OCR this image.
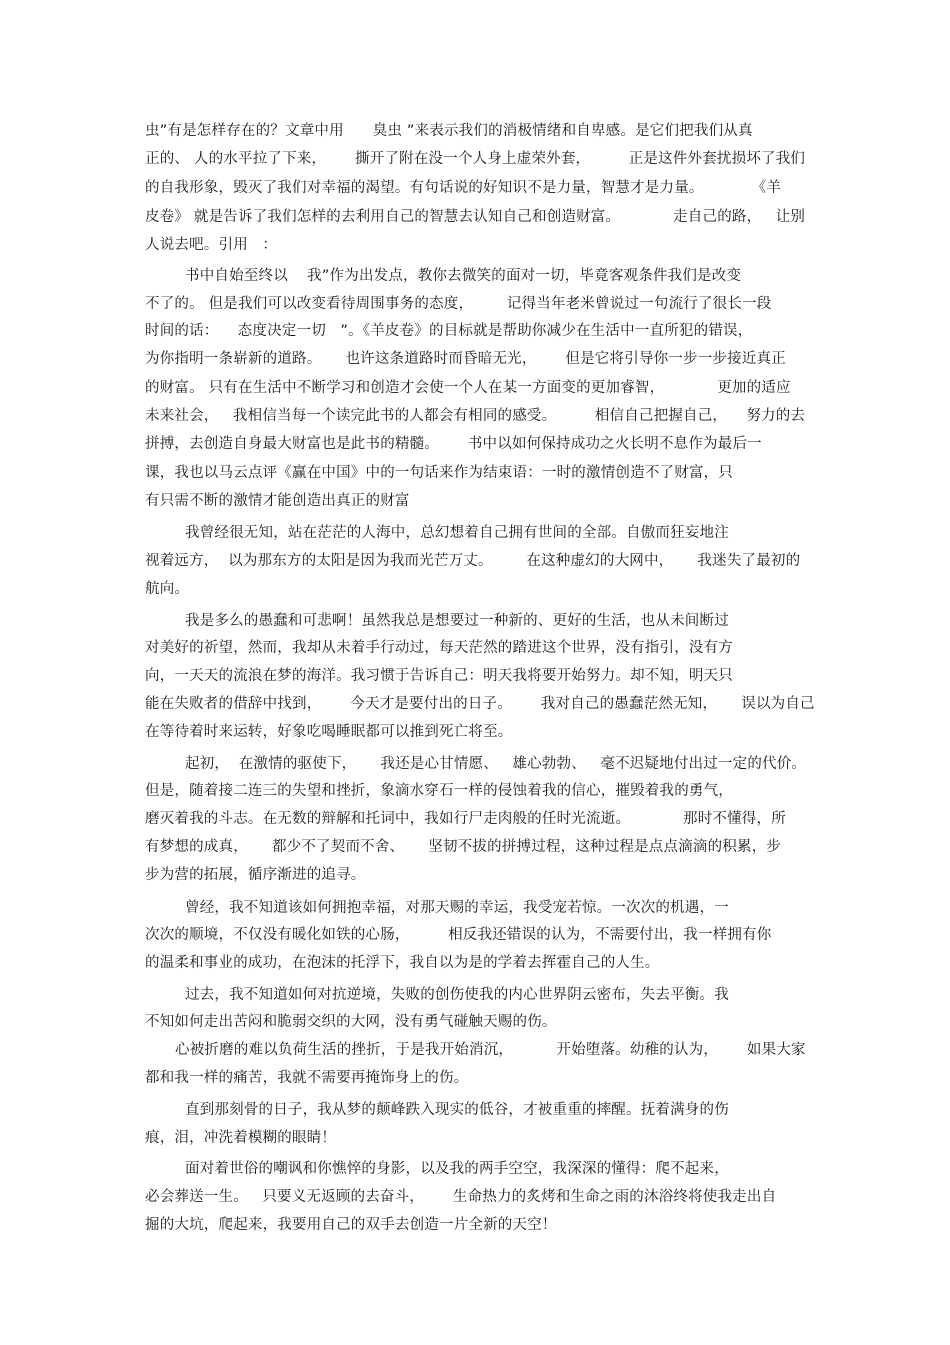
虫”有是怎样存在的？文章中用      臭虫 ”来表示我们的消极情绪和自卑感。是它们把我们从真
正的、 人的水平拉了下来，      撕开了附在没一个人身上虚荣外套，        正是这件外套扰损坏了我们
的自我形象，毁灭了我们对幸福的渴望。有句话说的好知识不是力量，智慧才是力量。          《羊
皮卷》 就是告诉了我们怎样的去利用自己的智慧去认知自己和创造财富。           走自己的路，   让别
人说去吧。引用   ：
书中自始至终以    我”作为出发点，教你去微笑的面对一切，毕竟客观条件我们是改变
不了的。 但是我们可以改变看待周围事务的态度，       记得当年老米曾说过一句流行了很长一段
时间的话：    态度决定一切   ”。《羊皮卷》的目标就是帮助你减少在生活中一直所犯的错误，
为你指明一条崭新的道路。     也许这条道路时而昏暗无光，      但是它将引导你一步一步接近真正
的财富。 只有在生活中不断学习和创造才会使一个人在某一方面变的更加睿智，           更加的适应
未来社会，   我相信当每一个读完此书的人都会有相同的感受。        相信自己把握自己，    努力的去
拼搏，去创造自身最大财富也是此书的精髓。      书中以如何保持成功之火长明不息作为最后一
课，我也以马云点评《赢在中国》中的一句话来作为结束语：一时的激情创造不了财富，只
有只需不断的激情才能创造出真正的财富
我曾经很无知，站在茫茫的人海中，总幻想着自己拥有世间的全部。自傲而狂妄地注
视着远方，  以为那东方的太阳是因为我而光芒万丈。       在这种虚幻的大网中，     我迷失了最初的
航向。
我是多么的愚蠢和可悲啊！虽然我总是想要过一种新的、更好的生活，也从未间断过
对美好的祈望，然而，我却从未着手行动过，每天茫然的踏进这个世界，没有指引，没有方
向，一天天的流浪在梦的海洋。我习惯于告诉自己：明天我将要开始努力。却不知，明天只
能在失败者的借辞中找到，      今天才是要付出的日子。      我对自己的愚蠢茫然无知，     误以为自己
在等待着时来运转，好象吃喝睡眠都可以推到死亡将至。
起初，  在激情的驱使下，     我还是心甘情愿、   雄心勃勃、   毫不迟疑地付出过一定的代价。
但是，随着接二连三的失望和挫折，象滴水穿石一样的侵蚀着我的信心，摧毁着我的勇气，
磨灭着我的斗志。在无数的辩解和托词中，我如行尸走肉般的任时光流逝。           那时不懂得，所
有梦想的成真，     都少不了契而不舍、     坚韧不拔的拼搏过程，这种过程是点点滴滴的积累，步
步为营的拓展，循序渐进的追寻。
曾经，我不知道该如何拥抱幸福，对那天赐的幸运，我受宠若惊。一次次的机遇，一
次次的顺境，不仅没有暖化如铁的心肠，        相反我还错误的认为，不需要付出，我一样拥有你
的温柔和事业的成功，在泡沫的托浮下，我自以为是的学着去挥霍自己的人生。
过去，我不知道如何对抗逆境，失败的创伤使我的内心世界阴云密布，失去平衡。我
不知如何走出苦闷和脆弱交织的大网，没有勇气碰触天赐的伤。
心被折磨的难以负荷生活的挫折，于是我开始消沉，         开始堕落。幼稚的认为，      如果大家
都和我一样的痛苦，我就不需要再掩饰身上的伤。
直到那刻骨的日子，我从梦的颠峰跌入现实的低谷，才被重重的摔醒。抚着满身的伤
痕，泪，冲洗着模糊的眼睛！
面对着世俗的嘲讽和你憔悴的身影，以及我的两手空空，我深深的懂得：爬不起来，
必会葬送一生。   只要义无返顾的去奋斗，      生命热力的炙烤和生命之雨的沐浴终将使我走出自
掘的大坑，爬起来，我要用自己的双手去创造一片全新的天空！
